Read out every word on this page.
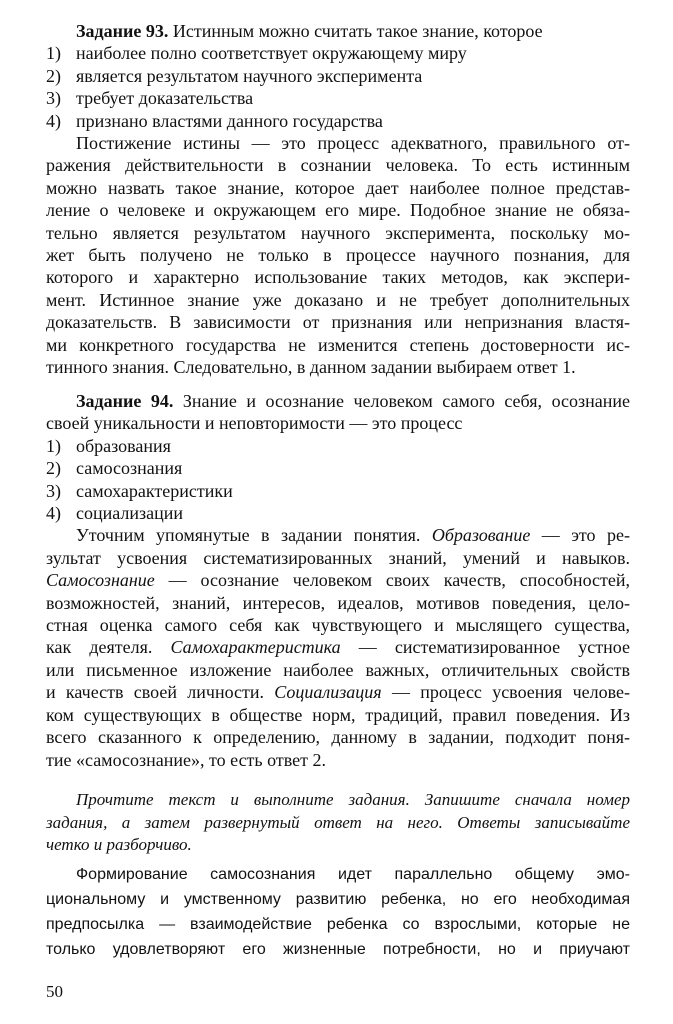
Задание 93. Истинным можно считать такое знание, которое
1) наиболее полно соответствует окружающему миру
2) является результатом научного эксперимента
3) требует доказательства
4) признано властями данного государства
Постижение истины — это процесс адекватного, правильного от-
ражения действительности в сознании человека. То есть истинным
можно назвать такое знание, которое дает наиболее полное представ-
ление о человеке и окружающем его мире. Подобное знание не обяза-
тельно является результатом научного эксперимента, поскольку мо-
жет быть получено не только в процессе научного познания, для
которого и характерно использование таких методов, как экспери-
мент. Истинное знание уже доказано и не требует дополнительных
доказательств. В зависимости от признания или непризнания властя-
ми конкретного государства не изменится степень достоверности ис-
тинного знания. Следовательно, в данном задании выбираем ответ 1.
Задание 94. Знание и осознание человеком самого себя, осознание
своей уникальности и неповторимости — это процесс
1) образования
2) самосознания
3) самохарактеристики
4) социализации
Уточним упомянутые в задании понятия. Образование — это ре-
зультат усвоения систематизированных знаний, умений и навыков.
Самосознание — осознание человеком своих качеств, способностей,
возможностей, знаний, интересов, идеалов, мотивов поведения, цело-
стная оценка самого себя как чувствующего и мыслящего существа,
как деятеля. Самохарактеристика — систематизированное устное
или письменное изложение наиболее важных, отличительных свойств
и качеств своей личности. Социализация — процесс усвоения челове-
ком существующих в обществе норм, традиций, правил поведения. Из
всего сказанного к определению, данному в задании, подходит поня-
тие «самосознание», то есть ответ 2.
Прочтите текст и выполните задания. Запишите сначала номер
задания, а затем развернутый ответ на него. Ответы записывайте
четко и разборчиво.
Формирование самосознания идет параллельно общему эмо-
циональному и умственному развитию ребенка, но его необходимая
предпосылка — взаимодействие ребенка со взрослыми, которые не
только удовлетворяют его жизненные потребности, но и приучают
50
